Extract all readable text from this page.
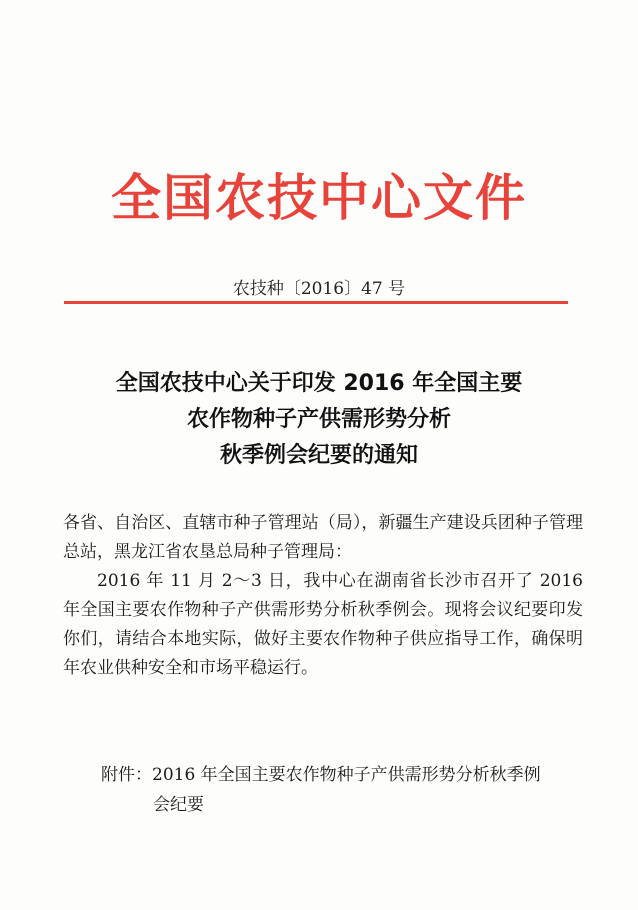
全国农技中心文件
农技种〔2016〕47 号
全国农技中心关于印发 2016 年全国主要
农作物种子产供需形势分析
秋季例会纪要的通知

各省、自治区、直辖市种子管理站（局），新疆生产建设兵团种子管理总站，黑龙江省农垦总局种子管理局：

2016 年 11 月 2～3 日，我中心在湖南省长沙市召开了 2016 年全国主要农作物种子产供需形势分析秋季例会。现将会议纪要印发你们，请结合本地实际，做好主要农作物种子供应指导工作，确保明年农业供种安全和市场平稳运行。

附件：2016 年全国主要农作物种子产供需形势分析秋季例
会纪要
